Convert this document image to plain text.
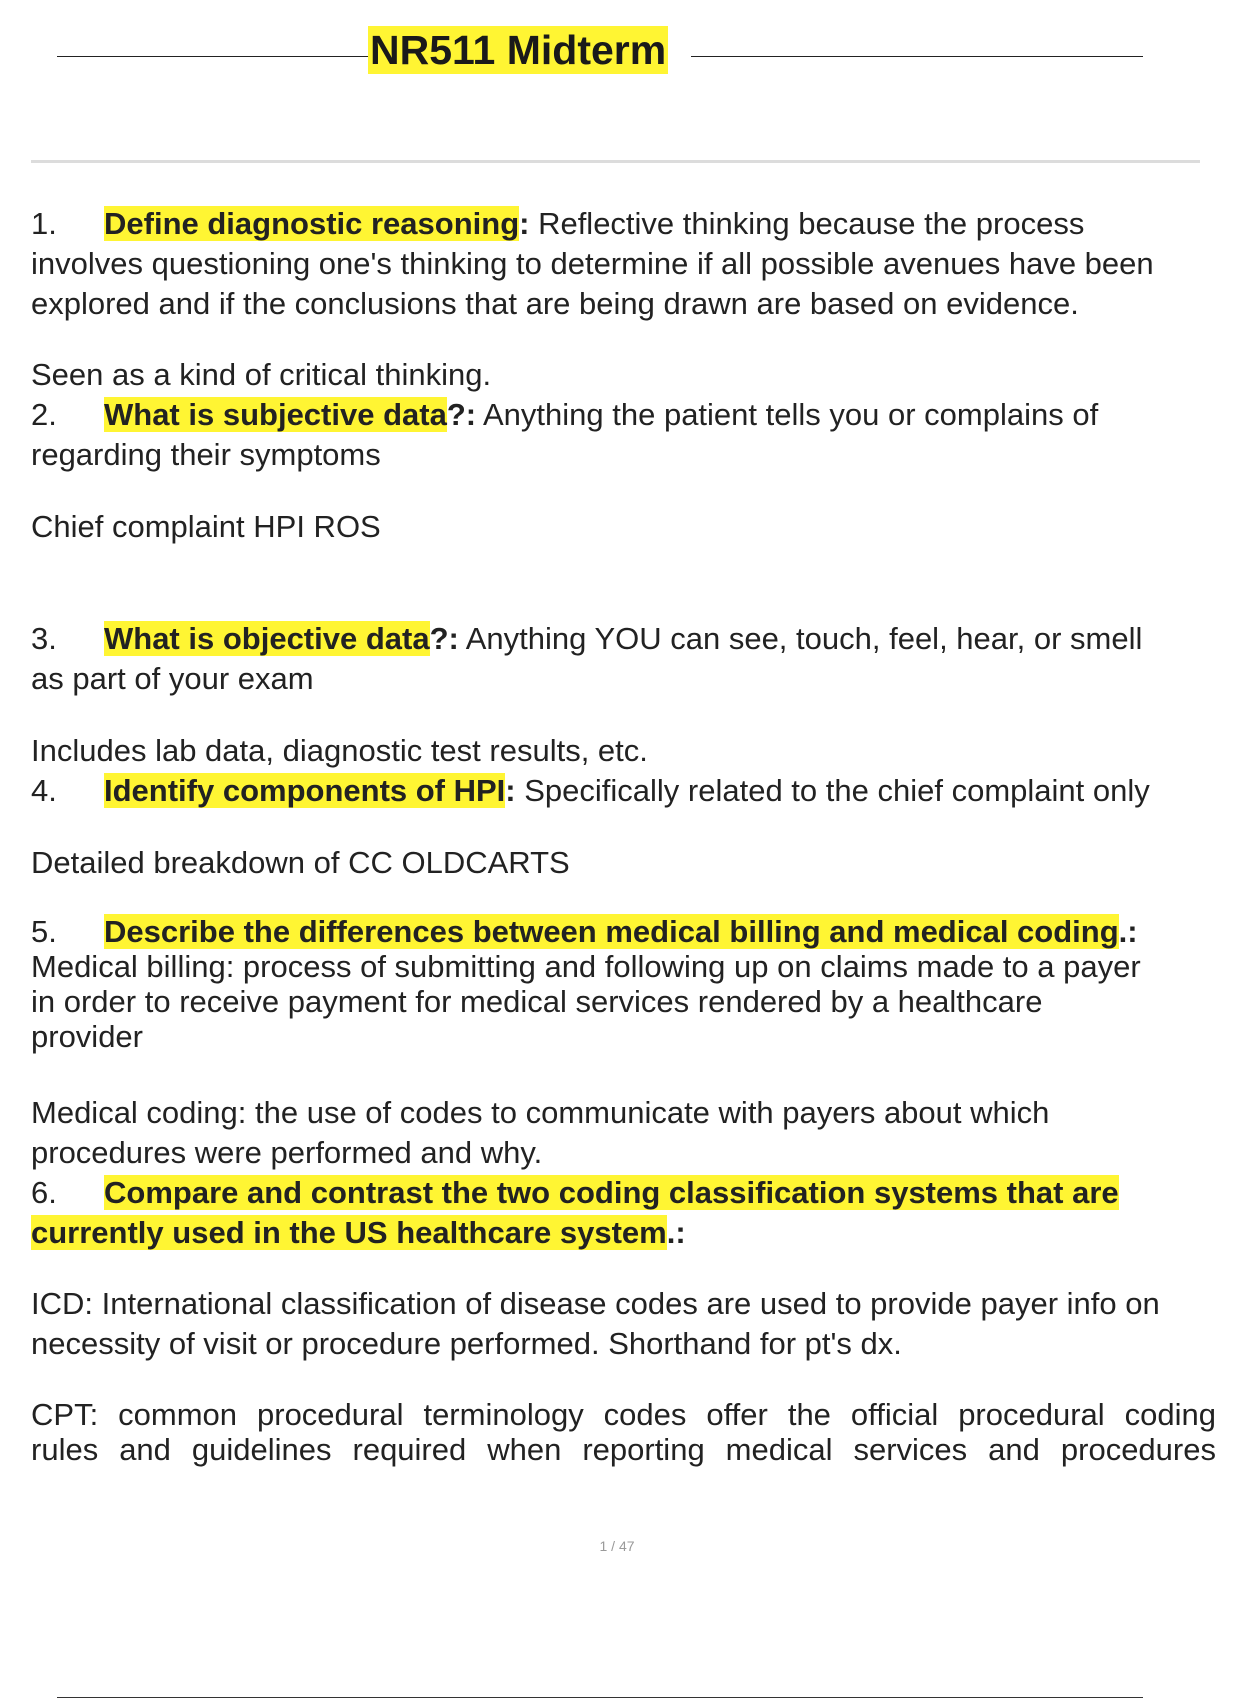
NR511 Midterm
1. Define diagnostic reasoning: Reflective thinking because the process
involves questioning one's thinking to determine if all possible avenues have been
explored and if the conclusions that are being drawn are based on evidence.
Seen as a kind of critical thinking.
2. What is subjective data?: Anything the patient tells you or complains of
regarding their symptoms
Chief complaint HPI ROS
3. What is objective data?: Anything YOU can see, touch, feel, hear, or smell
as part of your exam
Includes lab data, diagnostic test results, etc.
4. Identify components of HPI: Specifically related to the chief complaint only
Detailed breakdown of CC OLDCARTS
5. Describe the differences between medical billing and medical coding.:
Medical billing: process of submitting and following up on claims made to a payer
in order to receive payment for medical services rendered by a healthcare
provider
Medical coding: the use of codes to communicate with payers about which
procedures were performed and why.
6. Compare and contrast the two coding classification systems that are
currently used in the US healthcare system.:
ICD: International classification of disease codes are used to provide payer info on
necessity of visit or procedure performed. Shorthand for pt's dx.
CPT: common procedural terminology codes offer the official procedural coding
rules and guidelines required when reporting medical services and procedures
1 / 47
